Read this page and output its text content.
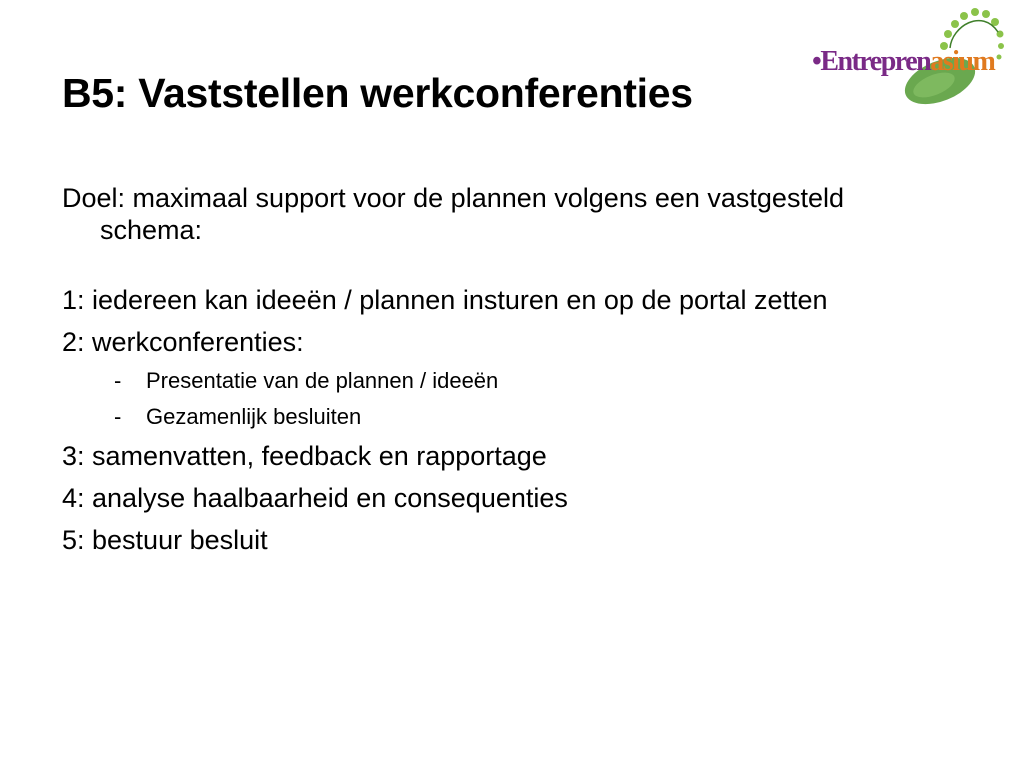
B5: Vaststellen werkconferenties
•Entreprenasium

Doel: maximaal support voor de plannen volgens een vastgesteld schema:

1: iedereen kan ideeën / plannen insturen en op de portal zetten

2: werkconferenties:

- Presentatie van de plannen / ideeën
- Gezamenlijk besluiten

3: samenvatten, feedback en rapportage

4: analyse haalbaarheid en consequenties

5: bestuur besluit
